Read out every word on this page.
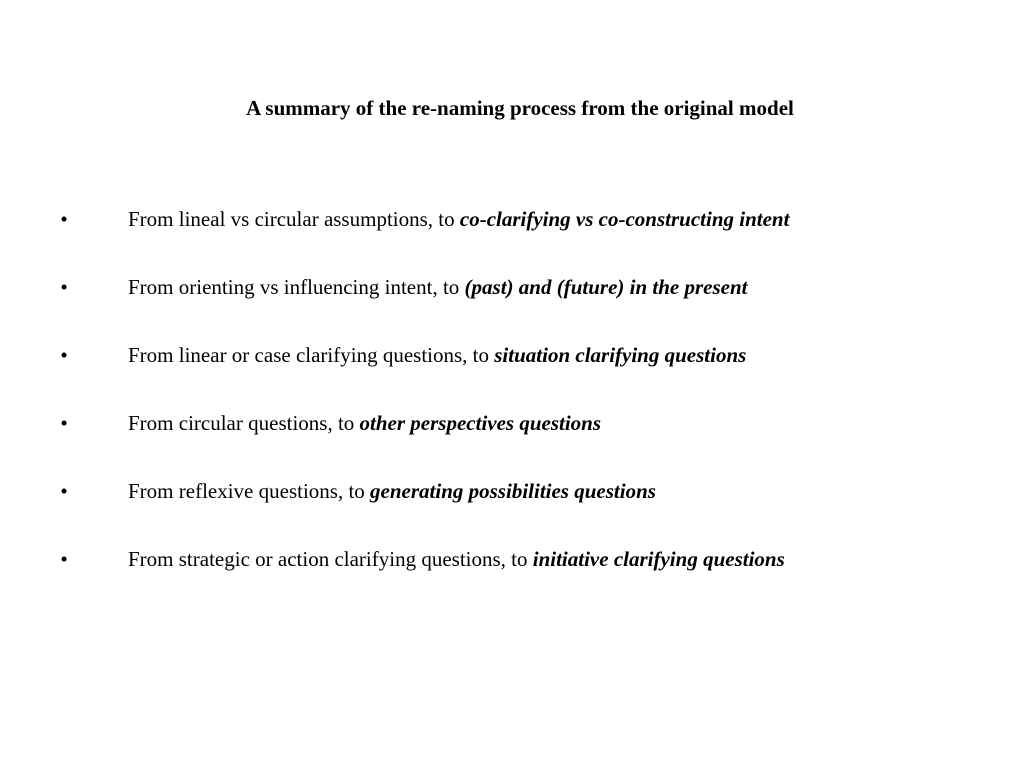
A summary of the re-naming process from the original model
•	From lineal vs circular assumptions, to co-clarifying vs co-constructing intent
•	From orienting vs influencing intent, to (past) and (future) in the present
•	From linear or case clarifying questions, to situation clarifying questions
•	From circular questions, to other perspectives questions
•	From reflexive questions, to generating possibilities questions
•	From strategic or action clarifying questions, to initiative clarifying questions
